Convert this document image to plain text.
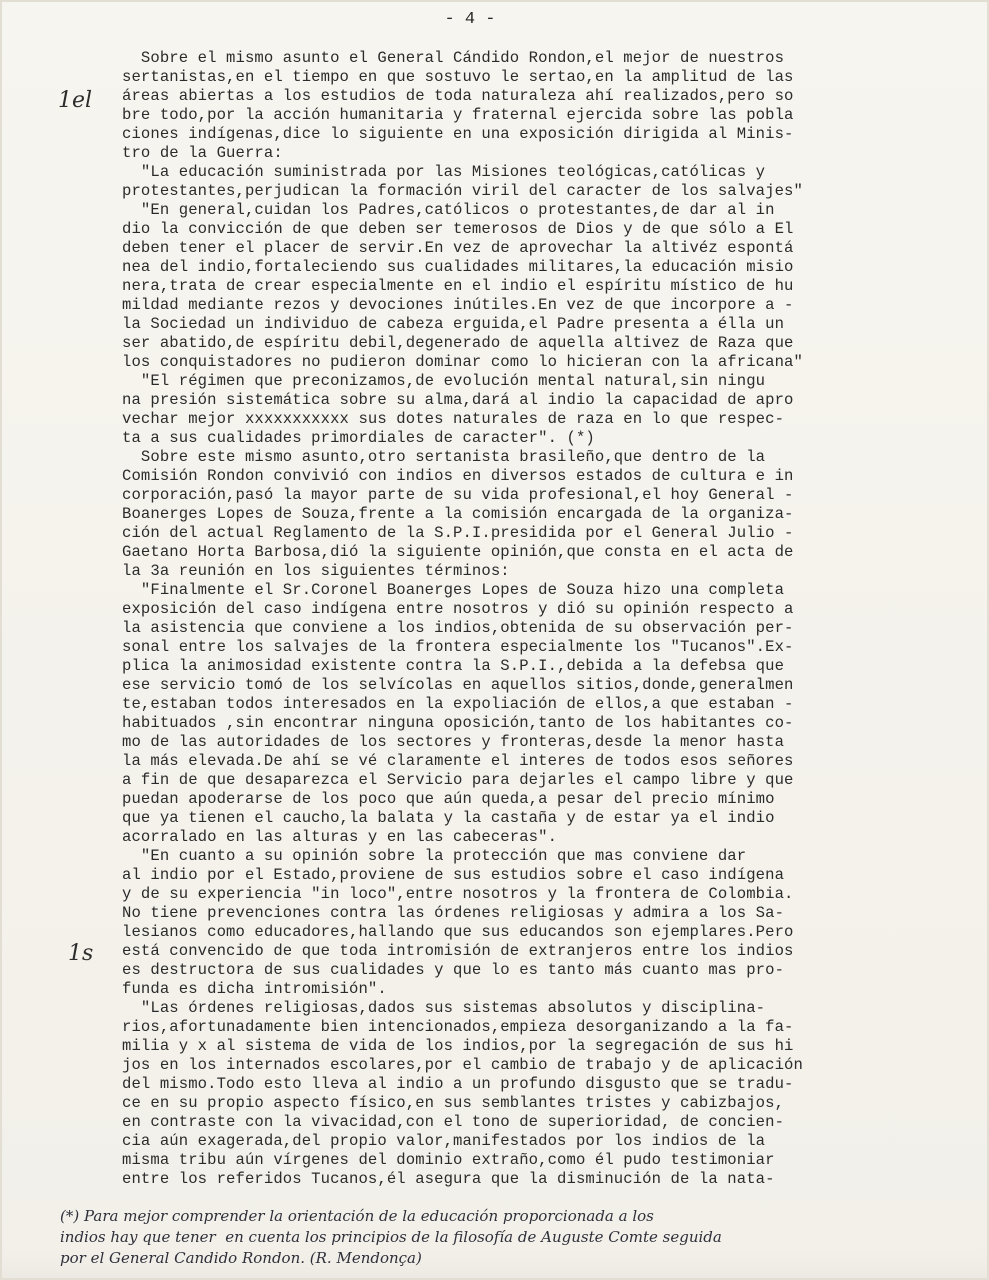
- 4 -
1el
1s

Sobre el mismo asunto el General Cándido Rondon,el mejor de nuestros

sertanistas,en el tiempo en que sostuvo le sertao,en la amplitud de las

áreas abiertas a los estudios de toda naturaleza ahí realizados,pero so

bre todo,por la acción humanitaria y fraternal ejercida sobre las pobla

ciones indígenas,dice lo siguiente en una exposición dirigida al Minis-

tro de la Guerra:

"La educación suministrada por las Misiones teológicas,católicas y

protestantes,perjudican la formación viril del caracter de los salvajes"

"En general,cuidan los Padres,católicos o protestantes,de dar al in

dio la convicción de que deben ser temerosos de Dios y de que sólo a El

deben tener el placer de servir.En vez de aprovechar la altivéz espontá

nea del indio,fortaleciendo sus cualidades militares,la educación misio

nera,trata de crear especialmente en el indio el espíritu místico de hu

mildad mediante rezos y devociones inútiles.En vez de que incorpore a -

la Sociedad un individuo de cabeza erguida,el Padre presenta a élla un

ser abatido,de espíritu debil,degenerado de aquella altivez de Raza que

los conquistadores no pudieron dominar como lo hicieran con la africana"

"El régimen que preconizamos,de evolución mental natural,sin ningu

na presión sistemática sobre su alma,dará al indio la capacidad de apro

vechar mejor xxxxxxxxxxx sus dotes naturales de raza en lo que respec-

ta a sus cualidades primordiales de caracter". (*)

Sobre este mismo asunto,otro sertanista brasileño,que dentro de la

Comisión Rondon convivió con indios en diversos estados de cultura e in

corporación,pasó la mayor parte de su vida profesional,el hoy General -

Boanerges Lopes de Souza,frente a la comisión encargada de la organiza-

ción del actual Reglamento de la S.P.I.presidida por el General Julio -

Gaetano Horta Barbosa,dió la siguiente opinión,que consta en el acta de

la 3a reunión en los siguientes términos:

"Finalmente el Sr.Coronel Boanerges Lopes de Souza hizo una completa

exposición del caso indígena entre nosotros y dió su opinión respecto a

la asistencia que conviene a los indios,obtenida de su observación per-

sonal entre los salvajes de la frontera especialmente los "Tucanos".Ex-

plica la animosidad existente contra la S.P.I.,debida a la defebsa que

ese servicio tomó de los selvícolas en aquellos sitios,donde,generalmen

te,estaban todos interesados en la expoliación de ellos,a que estaban -

habituados ,sin encontrar ninguna oposición,tanto de los habitantes co-

mo de las autoridades de los sectores y fronteras,desde la menor hasta

la más elevada.De ahí se vé claramente el interes de todos esos señores

a fin de que desaparezca el Servicio para dejarles el campo libre y que

puedan apoderarse de los poco que aún queda,a pesar del precio mínimo

que ya tienen el caucho,la balata y la castaña y de estar ya el indio

acorralado en las alturas y en las cabeceras".

"En cuanto a su opinión sobre la protección que mas conviene dar

al indio por el Estado,proviene de sus estudios sobre el caso indígena

y de su experiencia "in loco",entre nosotros y la frontera de Colombia.

No tiene prevenciones contra las órdenes religiosas y admira a los Sa-

lesianos como educadores,hallando que sus educandos son ejemplares.Pero

está convencido de que toda intromisión de extranjeros entre los indios

es destructora de sus cualidades y que lo es tanto más cuanto mas pro-

funda es dicha intromisión".

"Las órdenes religiosas,dados sus sistemas absolutos y disciplina-

rios,afortunadamente bien intencionados,empieza desorganizando a la fa-

milia y x al sistema de vida de los indios,por la segregación de sus hi

jos en los internados escolares,por el cambio de trabajo y de aplicación

del mismo.Todo esto lleva al indio a un profundo disgusto que se tradu-

ce en su propio aspecto físico,en sus semblantes tristes y cabizbajos,

en contraste con la vivacidad,con el tono de superioridad, de concien-

cia aún exagerada,del propio valor,manifestados por los indios de la

misma tribu aún vírgenes del dominio extraño,como él pudo testimoniar

entre los referidos Tucanos,él asegura que la disminución de la nata-

(*) Para mejor comprender la orientación de la educación proporcionada a los

indios hay que tener  en cuenta los principios de la filosofía de Auguste Comte seguida

por el General Candido Rondon. (R. Mendonça)
